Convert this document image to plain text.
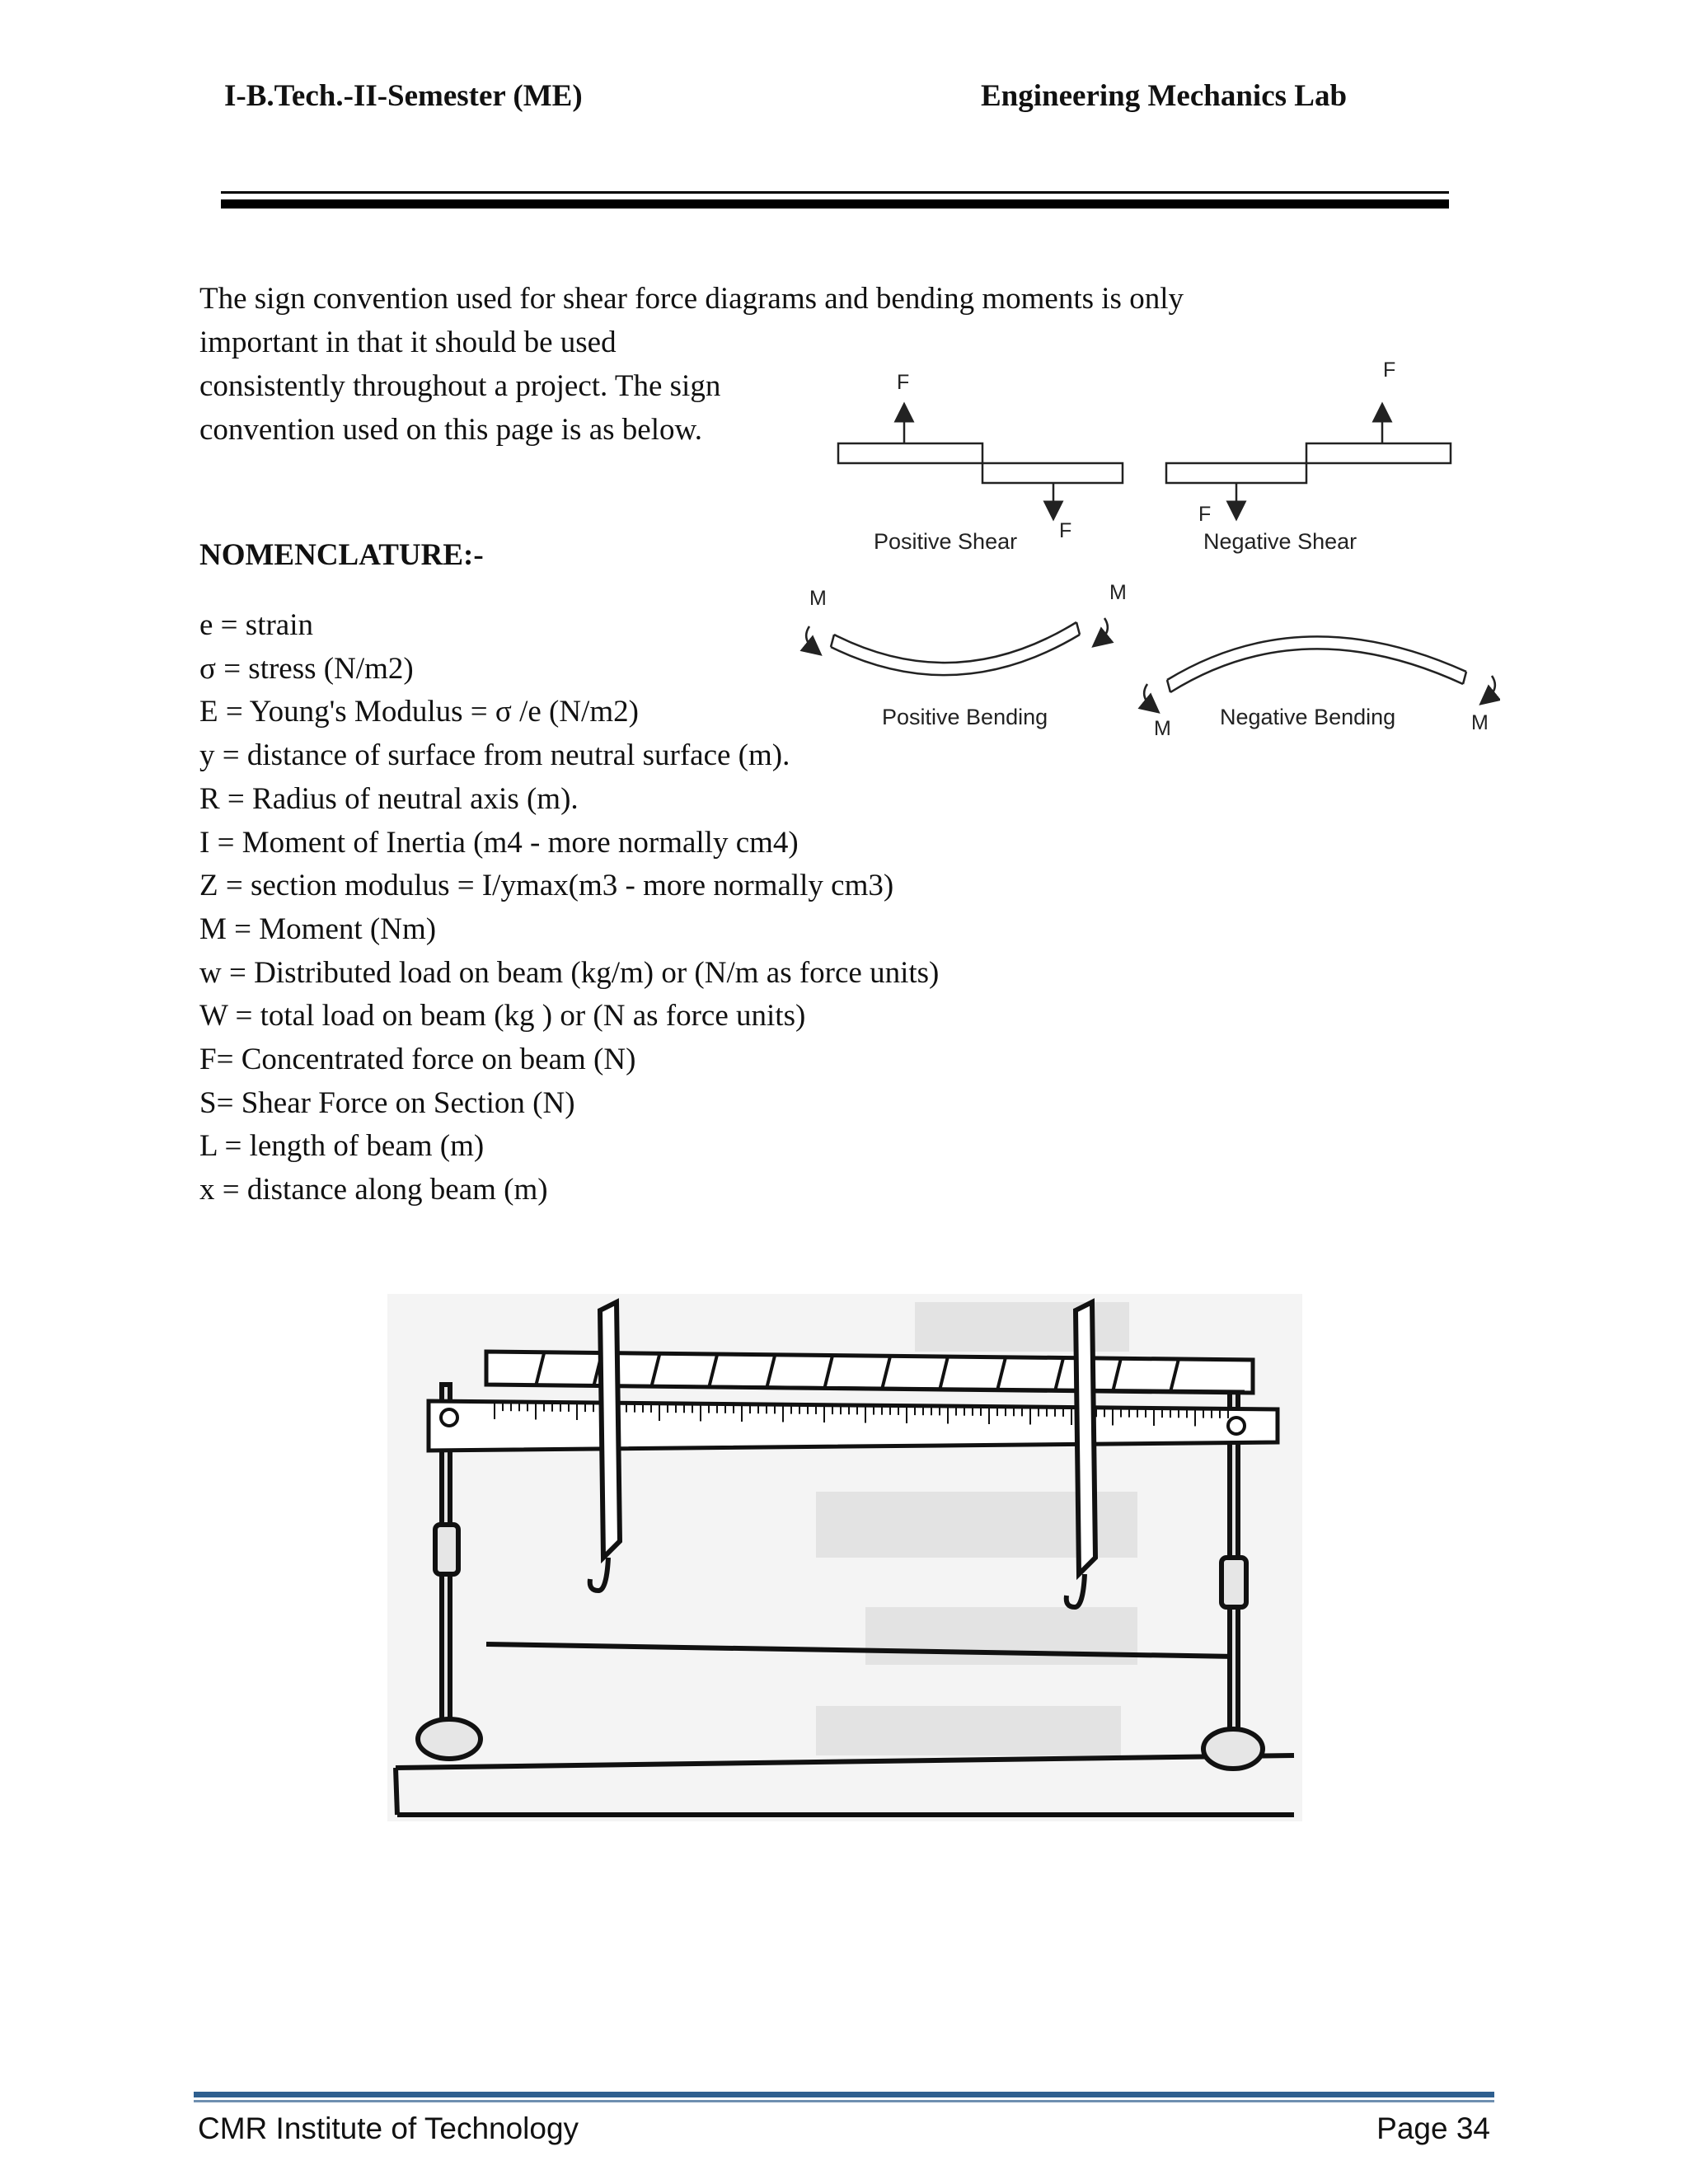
I-B.Tech.-II-Semester (ME)	Engineering Mechanics Lab
The sign convention used for shear force diagrams and bending moments is only
important in that it should be used
consistently throughout a project. The sign
convention used on this page is as below.
F
F
F
F
Positive Shear	Negative Shear
M	M
Positive Bending	M Negative Bending	M
NOMENCLATURE:-
e = strain
σ = stress (N/m2)
E = Young's Modulus = σ /e (N/m2)
y = distance of surface from neutral surface (m).
R = Radius of neutral axis (m).
I = Moment of Inertia (m4 - more normally cm4)
Z = section modulus = I/ymax(m3 - more normally cm3)
M = Moment (Nm)
w = Distributed load on beam (kg/m) or (N/m as force units)
W = total load on beam (kg ) or (N as force units)
F= Concentrated force on beam (N)
S= Shear Force on Section (N)
L = length of beam (m)
x = distance along beam (m)
CMR Institute of Technology	Page 34
